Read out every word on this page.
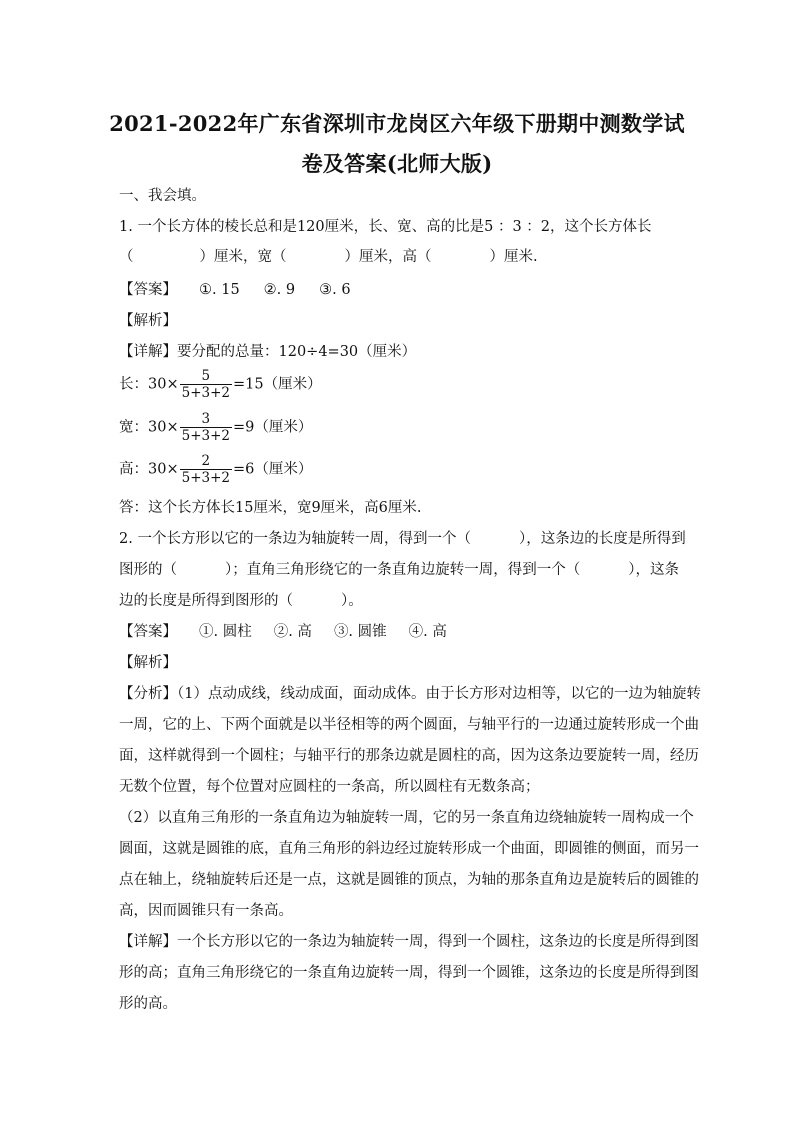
2021-2022年广东省深圳市龙岗区六年级下册期中测数学试
卷及答案(北师大版)
一、我会填。
1. 一个长方体的棱长总和是120厘米，长、宽、高的比是5 ：3 ：2，这个长方体长
（	）厘米，宽（	）厘米，高（	）厘米.
【答案】 ①. 15 ②. 9 ③. 6
【解析】
【详解】要分配的总量：120÷4=30（厘米）
长：$30\times \frac{5}{5+3+2} =15$（厘米）
宽：$30\times \frac{3}{5+3+2} =9$（厘米）
高：$30\times \frac{2}{5+3+2} =6$（厘米）
答：这个长方体长15厘米，宽9厘米，高6厘米.
2. 一个长方形以它的一条边为轴旋转一周，得到一个（	），这条边的长度是所得到
图形的（	）；直角三角形绕它的一条直角边旋转一周，得到一个（	），这条
边的长度是所得到图形的（	）。
【答案】 ①. 圆柱 ②. 高 ③. 圆锥 ④. 高
【解析】
【分析】（1）点动成线，线动成面，面动成体。由于长方形对边相等，以它的一边为轴旋转
一周，它的上、下两个面就是以半径相等的两个圆面，与轴平行的一边通过旋转形成一个曲
面，这样就得到一个圆柱；与轴平行的那条边就是圆柱的高，因为这条边要旋转一周，经历
无数个位置，每个位置对应圆柱的一条高，所以圆柱有无数条高；
（2）以直角三角形的一条直角边为轴旋转一周，它的另一条直角边绕轴旋转一周构成一个
圆面，这就是圆锥的底，直角三角形的斜边经过旋转形成一个曲面，即圆锥的侧面，而另一
点在轴上，绕轴旋转后还是一点，这就是圆锥的顶点，为轴的那条直角边是旋转后的圆锥的
高，因而圆锥只有一条高。
【详解】一个长方形以它的一条边为轴旋转一周，得到一个圆柱，这条边的长度是所得到图
形的高；直角三角形绕它的一条直角边旋转一周，得到一个圆锥，这条边的长度是所得到图
形的高。
